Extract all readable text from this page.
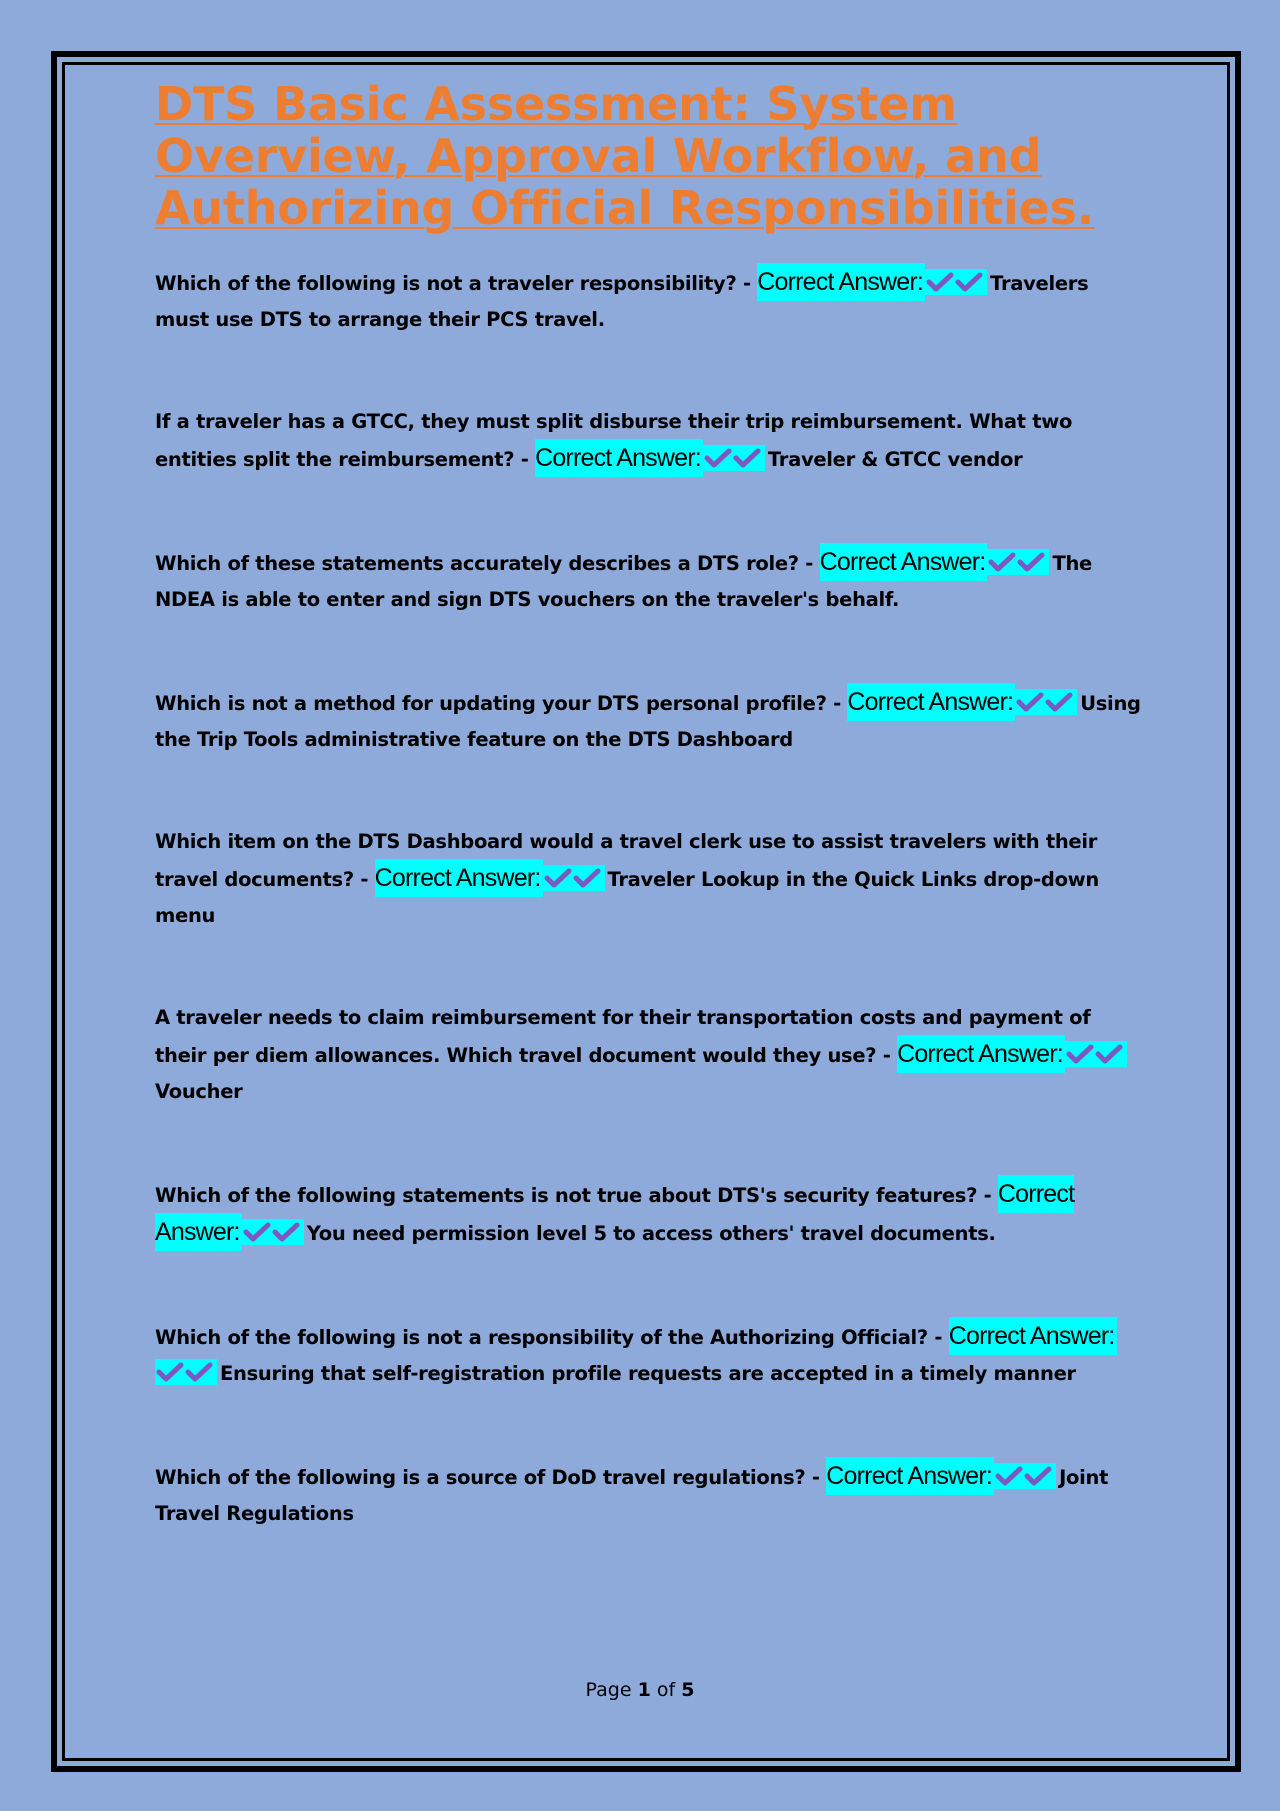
DTS Basic Assessment: System Overview, Approval Workflow, and Authorizing Official Responsibilities.
Which of the following is not a traveler responsibility? - Correct Answer:	Travelers must use DTS to arrange their PCS travel.
If a traveler has a GTCC, they must split disburse their trip reimbursement. What two entities split the reimbursement? - Correct Answer:	Traveler & GTCC vendor
Which of these statements accurately describes a DTS role? - Correct Answer:	The NDEA is able to enter and sign DTS vouchers on the traveler's behalf.
Which is not a method for updating your DTS personal profile? - Correct Answer:	Using the Trip Tools administrative feature on the DTS Dashboard
Which item on the DTS Dashboard would a travel clerk use to assist travelers with their travel documents? - Correct Answer:	Traveler Lookup in the Quick Links drop-down menu
A traveler needs to claim reimbursement for their transportation costs and payment of their per diem allowances. Which travel document would they use? - Correct Answer:
Voucher
Which of the following statements is not true about DTS's security features? - Correct Answer:	You need permission level 5 to access others' travel documents.
Which of the following is not a responsibility of the Authorizing Official? - Correct Answer:
Ensuring that self-registration profile requests are accepted in a timely manner
Which of the following is a source of DoD travel regulations? - Correct Answer:	Joint Travel Regulations
Page 1 of 5
